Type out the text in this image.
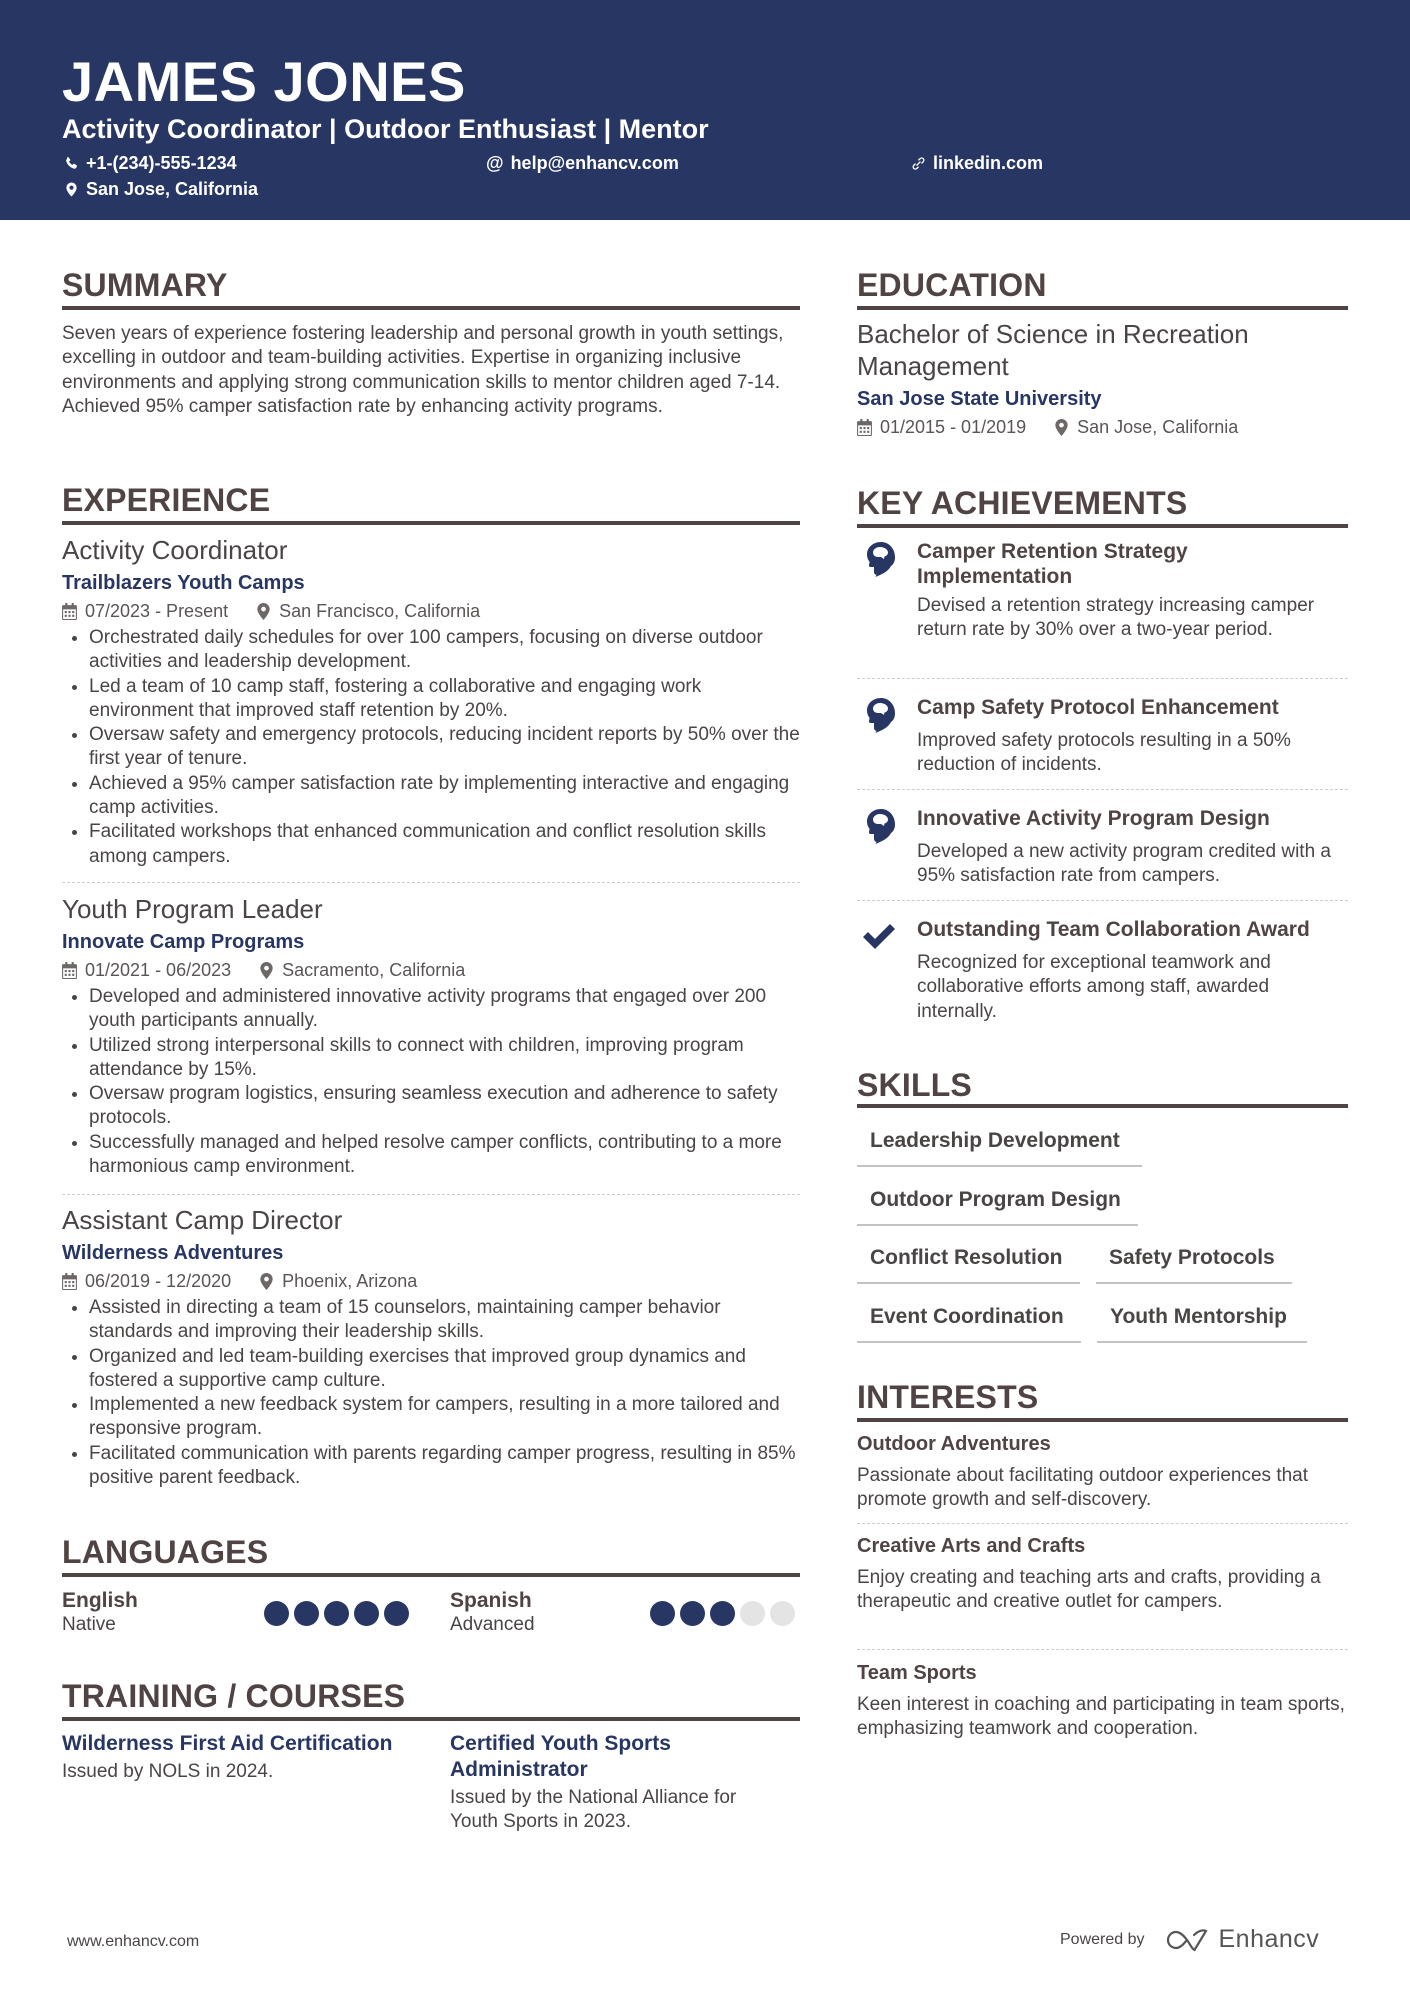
JAMES JONES
Activity Coordinator | Outdoor Enthusiast | Mentor
+1-(234)-555-1234	@ help@enhancv.com	linkedin.com
San Jose, California
SUMMARY
Seven years of experience fostering leadership and personal growth in youth settings, excelling in outdoor and team-building activities. Expertise in organizing inclusive environments and applying strong communication skills to mentor children aged 7-14. Achieved 95% camper satisfaction rate by enhancing activity programs.
EXPERIENCE
Activity Coordinator
Trailblazers Youth Camps
07/2023 - Present	San Francisco, California
Orchestrated daily schedules for over 100 campers, focusing on diverse outdoor activities and leadership development.
Led a team of 10 camp staff, fostering a collaborative and engaging work environment that improved staff retention by 20%.
Oversaw safety and emergency protocols, reducing incident reports by 50% over the first year of tenure.
Achieved a 95% camper satisfaction rate by implementing interactive and engaging camp activities.
Facilitated workshops that enhanced communication and conflict resolution skills among campers.
Youth Program Leader
Innovate Camp Programs
01/2021 - 06/2023	Sacramento, California
Developed and administered innovative activity programs that engaged over 200 youth participants annually.
Utilized strong interpersonal skills to connect with children, improving program attendance by 15%.
Oversaw program logistics, ensuring seamless execution and adherence to safety protocols.
Successfully managed and helped resolve camper conflicts, contributing to a more harmonious camp environment.
Assistant Camp Director
Wilderness Adventures
06/2019 - 12/2020	Phoenix, Arizona
Assisted in directing a team of 15 counselors, maintaining camper behavior standards and improving their leadership skills.
Organized and led team-building exercises that improved group dynamics and fostered a supportive camp culture.
Implemented a new feedback system for campers, resulting in a more tailored and responsive program.
Facilitated communication with parents regarding camper progress, resulting in 85% positive parent feedback.
LANGUAGES
English
Native
Spanish
Advanced
TRAINING / COURSES
Wilderness First Aid Certification
Issued by NOLS in 2024.
Certified Youth Sports Administrator
Issued by the National Alliance for Youth Sports in 2023.
EDUCATION
Bachelor of Science in Recreation Management
San Jose State University
01/2015 - 01/2019	San Jose, California
KEY ACHIEVEMENTS
Camper Retention Strategy Implementation
Devised a retention strategy increasing camper return rate by 30% over a two-year period.
Camp Safety Protocol Enhancement
Improved safety protocols resulting in a 50% reduction of incidents.
Innovative Activity Program Design
Developed a new activity program credited with a 95% satisfaction rate from campers.
Outstanding Team Collaboration Award
Recognized for exceptional teamwork and collaborative efforts among staff, awarded internally.
SKILLS
Leadership Development
Outdoor Program Design
Conflict Resolution	Safety Protocols
Event Coordination	Youth Mentorship
INTERESTS
Outdoor Adventures
Passionate about facilitating outdoor experiences that promote growth and self-discovery.
Creative Arts and Crafts
Enjoy creating and teaching arts and crafts, providing a therapeutic and creative outlet for campers.
Team Sports
Keen interest in coaching and participating in team sports, emphasizing teamwork and cooperation.
www.enhancv.com	Powered by	Enhancv
